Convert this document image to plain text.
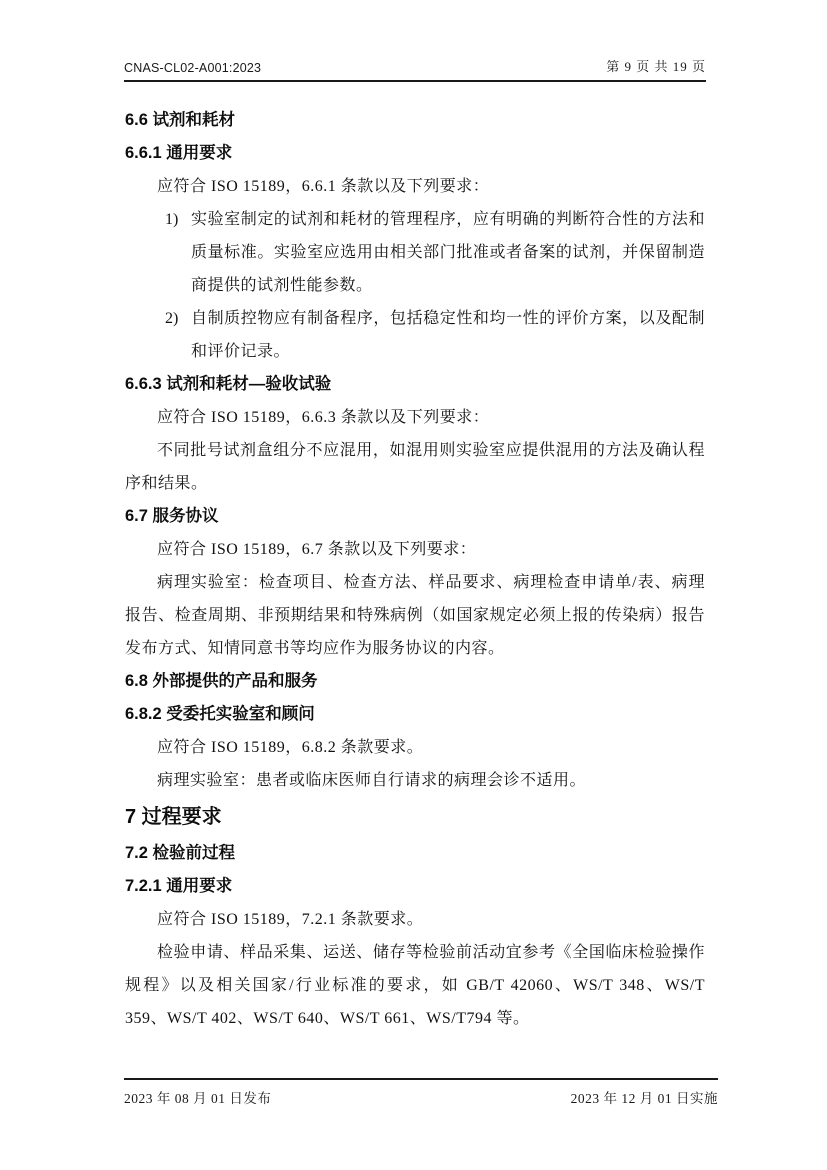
CNAS-CL02-A001:2023	第 9 页 共 19 页
6.6 试剂和耗材
6.6.1 通用要求
应符合 ISO 15189，6.6.1 条款以及下列要求：
1) 实验室制定的试剂和耗材的管理程序，应有明确的判断符合性的方法和质量标准。实验室应选用由相关部门批准或者备案的试剂，并保留制造商提供的试剂性能参数。
2) 自制质控物应有制备程序，包括稳定性和均一性的评价方案，以及配制和评价记录。
6.6.3 试剂和耗材—验收试验
应符合 ISO 15189，6.6.3 条款以及下列要求：
不同批号试剂盒组分不应混用，如混用则实验室应提供混用的方法及确认程序和结果。
6.7 服务协议
应符合 ISO 15189，6.7 条款以及下列要求：
病理实验室：检查项目、检查方法、样品要求、病理检查申请单/表、病理报告、检查周期、非预期结果和特殊病例（如国家规定必须上报的传染病）报告发布方式、知情同意书等均应作为服务协议的内容。
6.8 外部提供的产品和服务
6.8.2 受委托实验室和顾问
应符合 ISO 15189，6.8.2 条款要求。
病理实验室：患者或临床医师自行请求的病理会诊不适用。
7 过程要求
7.2 检验前过程
7.2.1 通用要求
应符合 ISO 15189，7.2.1 条款要求。
检验申请、样品采集、运送、储存等检验前活动宜参考《全国临床检验操作规程》以及相关国家/行业标准的要求，如 GB/T 42060、WS/T 348、WS/T 359、WS/T 402、WS/T 640、WS/T 661、WS/T794 等。
2023 年 08 月 01 日发布	2023 年 12 月 01 日实施
